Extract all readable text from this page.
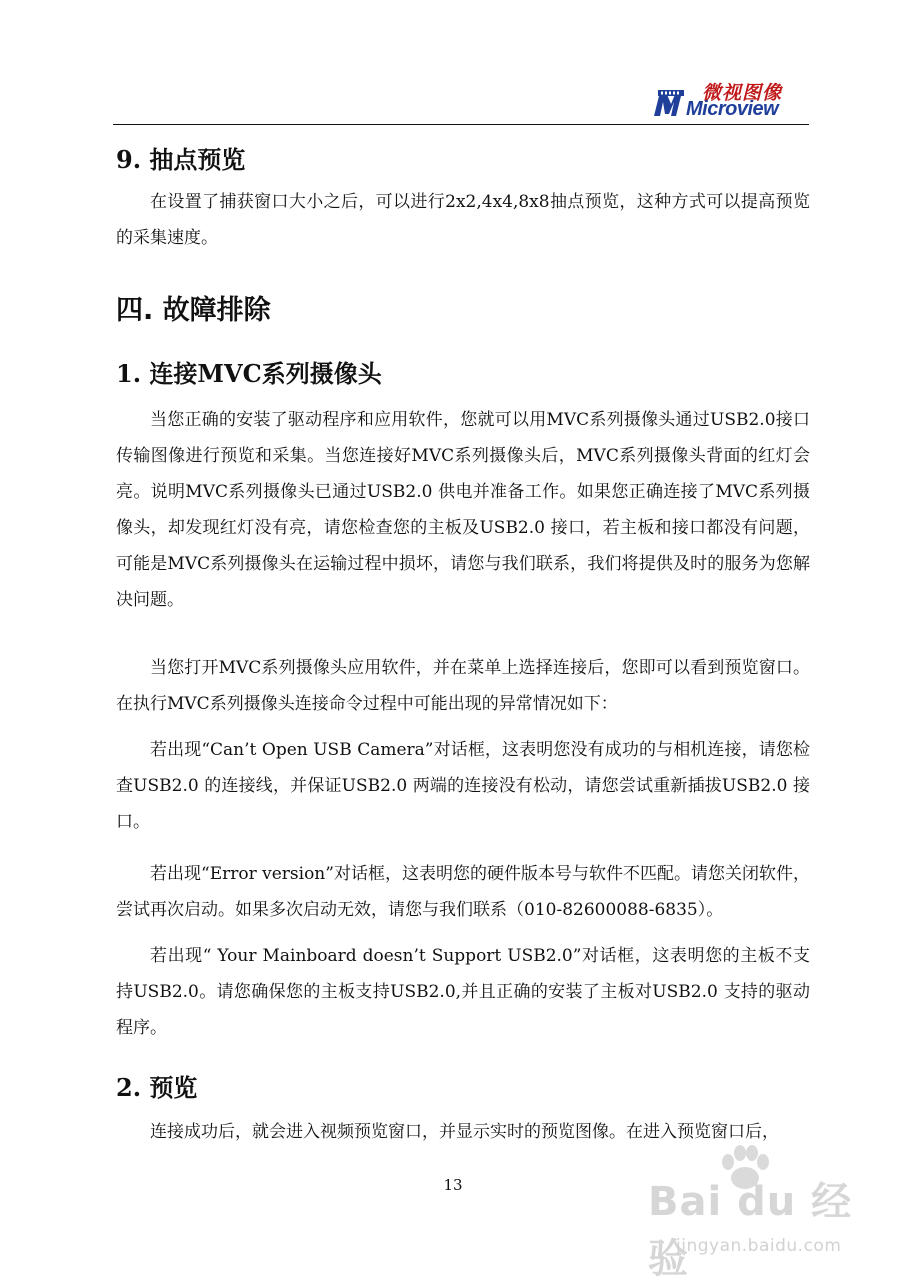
微视图像
Microview
9. 抽点预览

在设置了捕获窗口大小之后，可以进行2x2,4x4,8x8抽点预览，这种方式可以提高预览的采集速度。

四. 故障排除
1. 连接MVC系列摄像头

当您正确的安装了驱动程序和应用软件，您就可以用MVC系列摄像头通过USB2.0接口传输图像进行预览和采集。当您连接好MVC系列摄像头后，MVC系列摄像头背面的红灯会亮。说明MVC系列摄像头已通过USB2.0 供电并准备工作。如果您正确连接了MVC系列摄像头，却发现红灯没有亮，请您检查您的主板及USB2.0 接口，若主板和接口都没有问题，可能是MVC系列摄像头在运输过程中损坏，请您与我们联系，我们将提供及时的服务为您解决问题。

当您打开MVC系列摄像头应用软件，并在菜单上选择连接后，您即可以看到预览窗口。在执行MVC系列摄像头连接命令过程中可能出现的异常情况如下：

若出现“Can’t Open USB Camera”对话框，这表明您没有成功的与相机连接，请您检查USB2.0 的连接线，并保证USB2.0 两端的连接没有松动，请您尝试重新插拔USB2.0 接口。

若出现“Error version”对话框，这表明您的硬件版本号与软件不匹配。请您关闭软件，尝试再次启动。如果多次启动无效，请您与我们联系（010-82600088-6835）。

若出现“ Your Mainboard doesn’t Support USB2.0”对话框，这表明您的主板不支持USB2.0。请您确保您的主板支持USB2.0,并且正确的安装了主板对USB2.0 支持的驱动程序。

2. 预览

连接成功后，就会进入视频预览窗口，并显示实时的预览图像。在进入预览窗口后，

13	Bai du 经验
jingyan.baidu.com
